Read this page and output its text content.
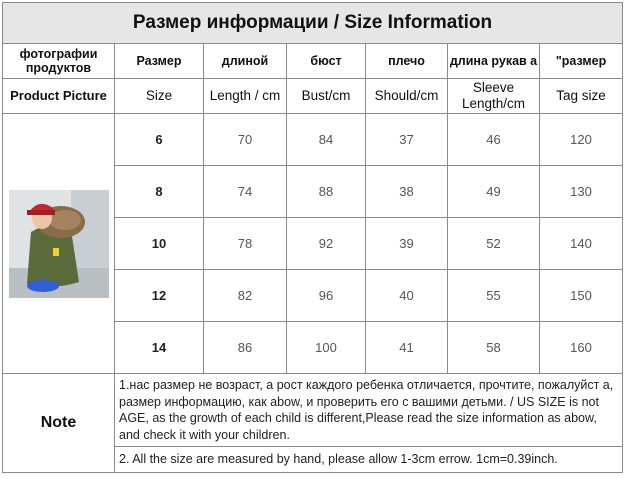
Размер информации / Size Information						
фотографии продуктов	Размер	длиной	бюст	плечо	длина рукав а	"размер
Product Picture	Size	Length / cm	Bust/cm	Should/cm	Sleeve Length/cm	Tag size

	6	70	84	37	46	120
	8	74	88	38	49	130
	10	78	92	39	52	140
	12	82	96	40	55	150
	14	86	100	41	58	160
Note	1.нас размер не возраст, а рост каждого ребенка отличается, прочтите, пожалуйст а, размер информацию, как abow, и проверить его с вашими детьми. / US SIZE is not AGE, as the growth of each child is different,Please read the size information as abow, and check it with your children.					
	2. All the size are measured by hand, please allow 1-3cm errow. 1cm=0.39inch.					
